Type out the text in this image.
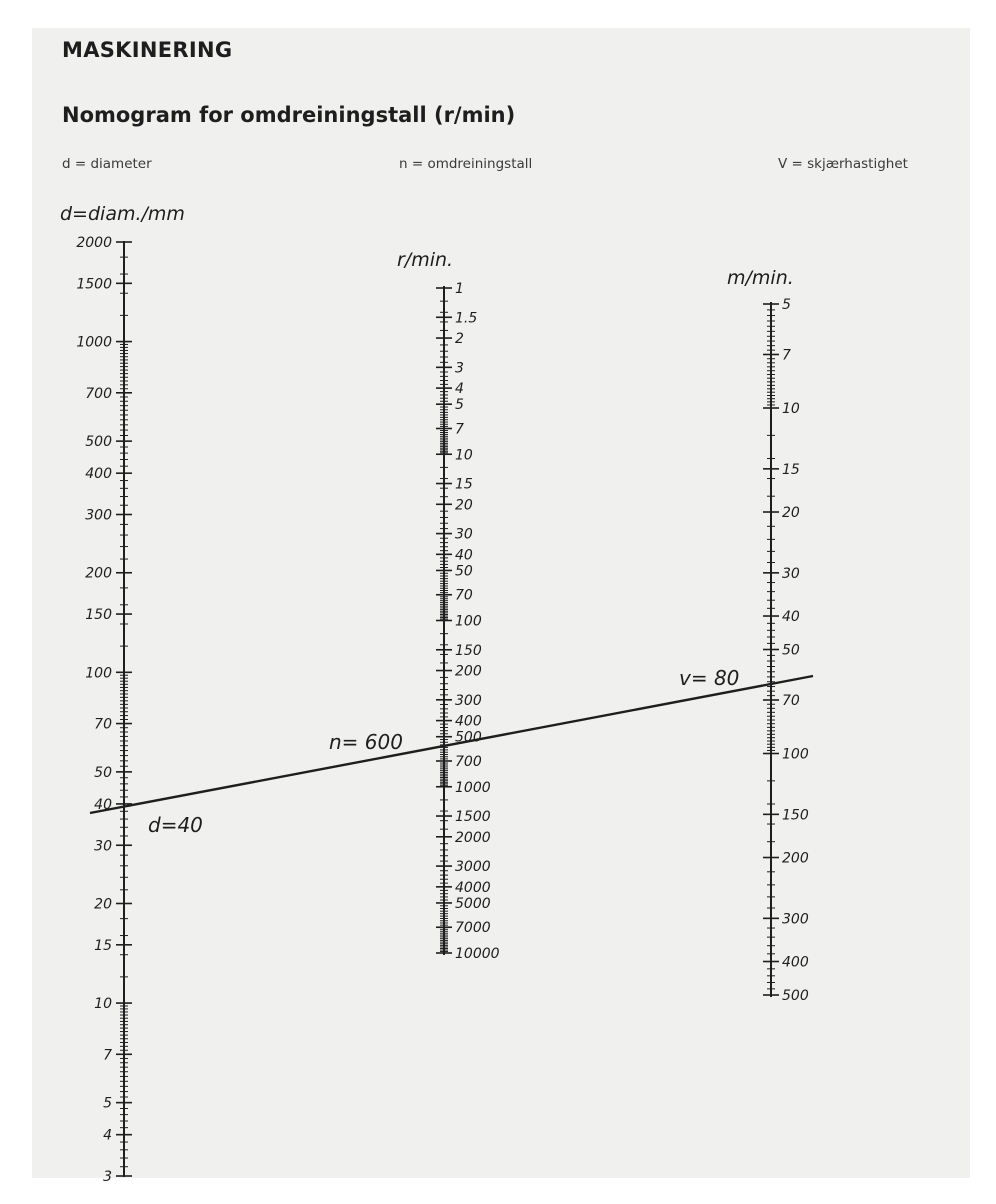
MASKINERING
Nomogram for omdreiningstall (r/min)
d = diameter	n = omdreiningstall	V = skjærhastighet
d=diam./mm
2000
1500
1000
700
500
400
300
200
150
100
70
50
40
30
20
15
10
7
5
4
3
r/min.
1
1.5
2
3
4
5
7
10
15
20
30
40
50
70
100
150
200
300
400
500
700
1000
1500
2000
3000
4000
5000
7000
10000
m/min.
5
7
10
15
20
30
40
50
70
100
150
200
300
400
500
d=40
n= 600
v= 80
